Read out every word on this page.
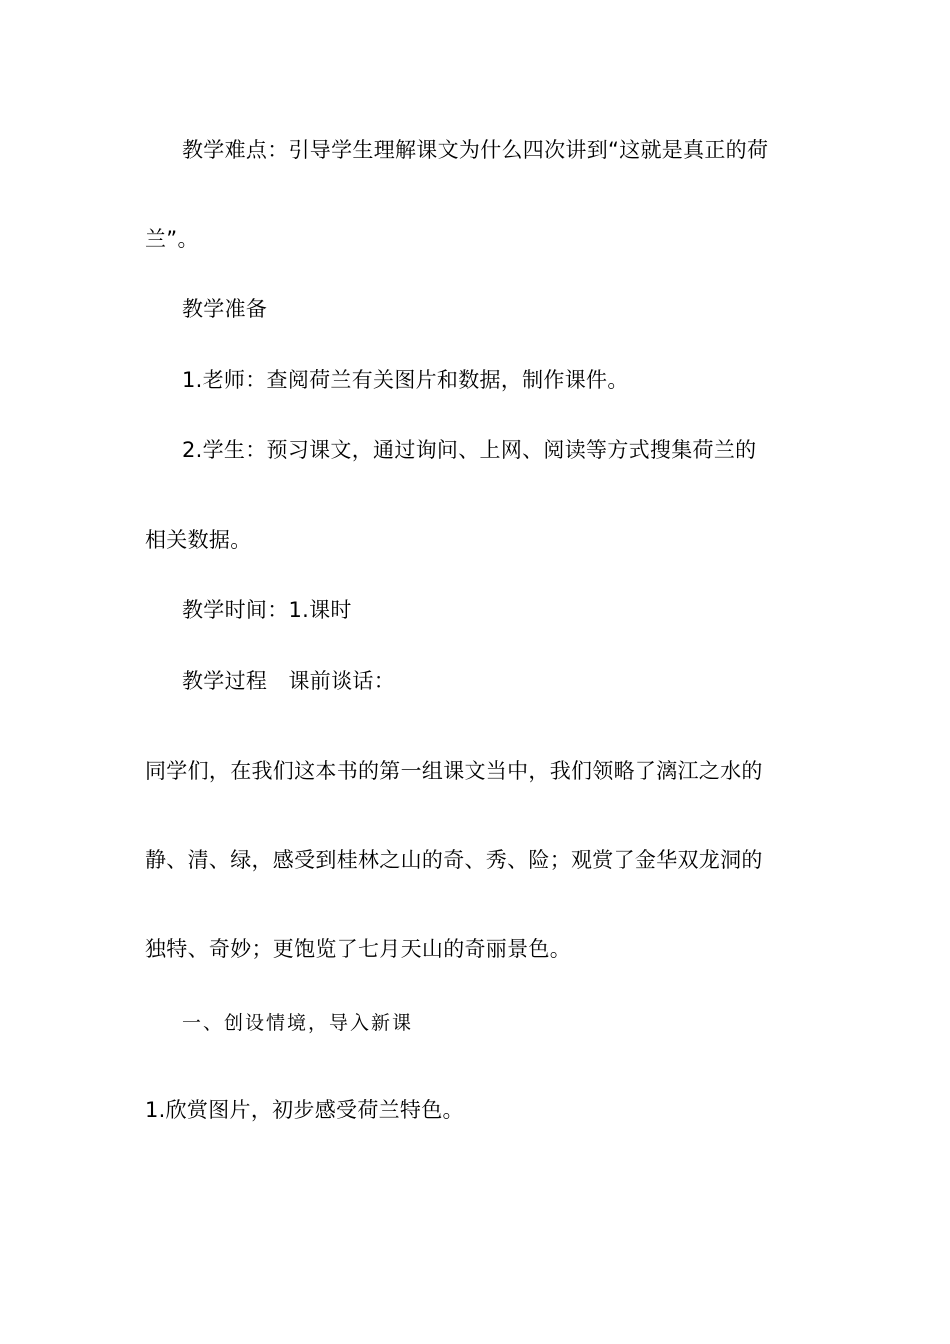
教学难点：引导学生理解课文为什么四次讲到“这就是真正的荷
兰”。
教学准备
1.老师：查阅荷兰有关图片和数据，制作课件。
2.学生：预习课文，通过询问、上网、阅读等方式搜集荷兰的
相关数据。
教学时间：1.课时
教学过程　课前谈话：
同学们，在我们这本书的第一组课文当中，我们领略了漓江之水的
静、清、绿，感受到桂林之山的奇、秀、险；观赏了金华双龙洞的
独特、奇妙；更饱览了七月天山的奇丽景色。
一、创设情境，导入新课
1.欣赏图片，初步感受荷兰特色。
